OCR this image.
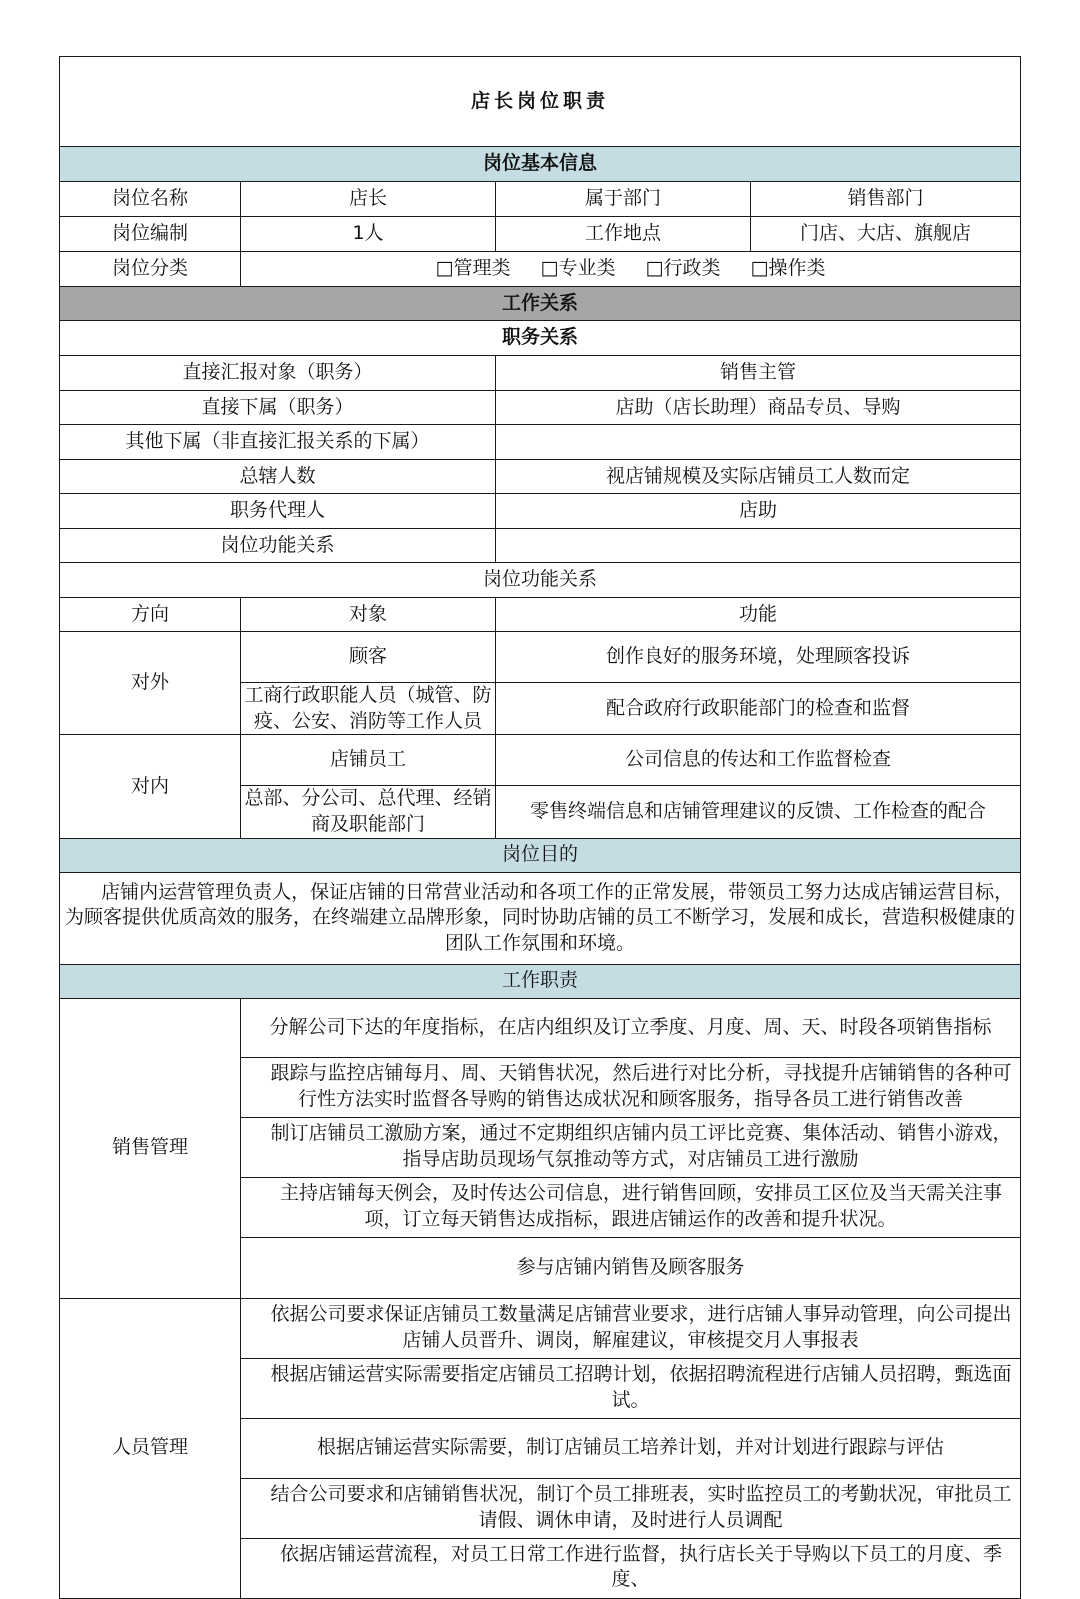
店长岗位职责			
岗位基本信息			
岗位名称	店长	属于部门	销售部门
岗位编制	1人	工作地点	门店、大店、旗舰店
岗位分类	□管理类 □专业类 □行政类 □操作类		
工作关系			
职务关系			
直接汇报对象（职务）		销售主管	
直接下属（职务）		店助（店长助理）商品专员、导购	
其他下属（非直接汇报关系的下属）			
总辖人数		视店铺规模及实际店铺员工人数而定	
职务代理人		店助	
岗位功能关系			
岗位功能关系			
方向	对象	功能	
对外	顾客	创作良好的服务环境，处理顾客投诉	
	工商行政职能人员（城管、防疫、公安、消防等工作人员	配合政府行政职能部门的检查和监督	
对内	店铺员工	公司信息的传达和工作监督检查	
	总部、分公司、总代理、经销商及职能部门	零售终端信息和店铺管理建议的反馈、工作检查的配合	
岗位目的			

店铺内运营管理负责人，保证店铺的日常营业活动和各项工作的正常发展，带领员工努力达成店铺运营目标，为顾客提供优质高效的服务，在终端建立品牌形象，同时协助店铺的员工不断学习，发展和成长，营造积极健康的团队工作氛围和环境。			

工作职责			
销售管理	分解公司下达的年度指标，在店内组织及订立季度、月度、周、天、时段各项销售指标		
	跟踪与监控店铺每月、周、天销售状况，然后进行对比分析，寻找提升店铺销售的各种可行性方法实时监督各导购的销售达成状况和顾客服务，指导各员工进行销售改善		
	制订店铺员工激励方案，通过不定期组织店铺内员工评比竞赛、集体活动、销售小游戏，指导店助员现场气氛推动等方式，对店铺员工进行激励		
	主持店铺每天例会，及时传达公司信息，进行销售回顾，安排员工区位及当天需关注事项，订立每天销售达成指标，跟进店铺运作的改善和提升状况。		
	参与店铺内销售及顾客服务		
人员管理	依据公司要求保证店铺员工数量满足店铺营业要求，进行店铺人事异动管理，向公司提出店铺人员晋升、调岗，解雇建议，审核提交月人事报表		
	根据店铺运营实际需要指定店铺员工招聘计划，依据招聘流程进行店铺人员招聘，甄选面试。		
	根据店铺运营实际需要，制订店铺员工培养计划，并对计划进行跟踪与评估		
	结合公司要求和店铺销售状况，制订个员工排班表，实时监控员工的考勤状况，审批员工请假、调休申请，及时进行人员调配		
	依据店铺运营流程，对员工日常工作进行监督，执行店长关于导购以下员工的月度、季度、		
